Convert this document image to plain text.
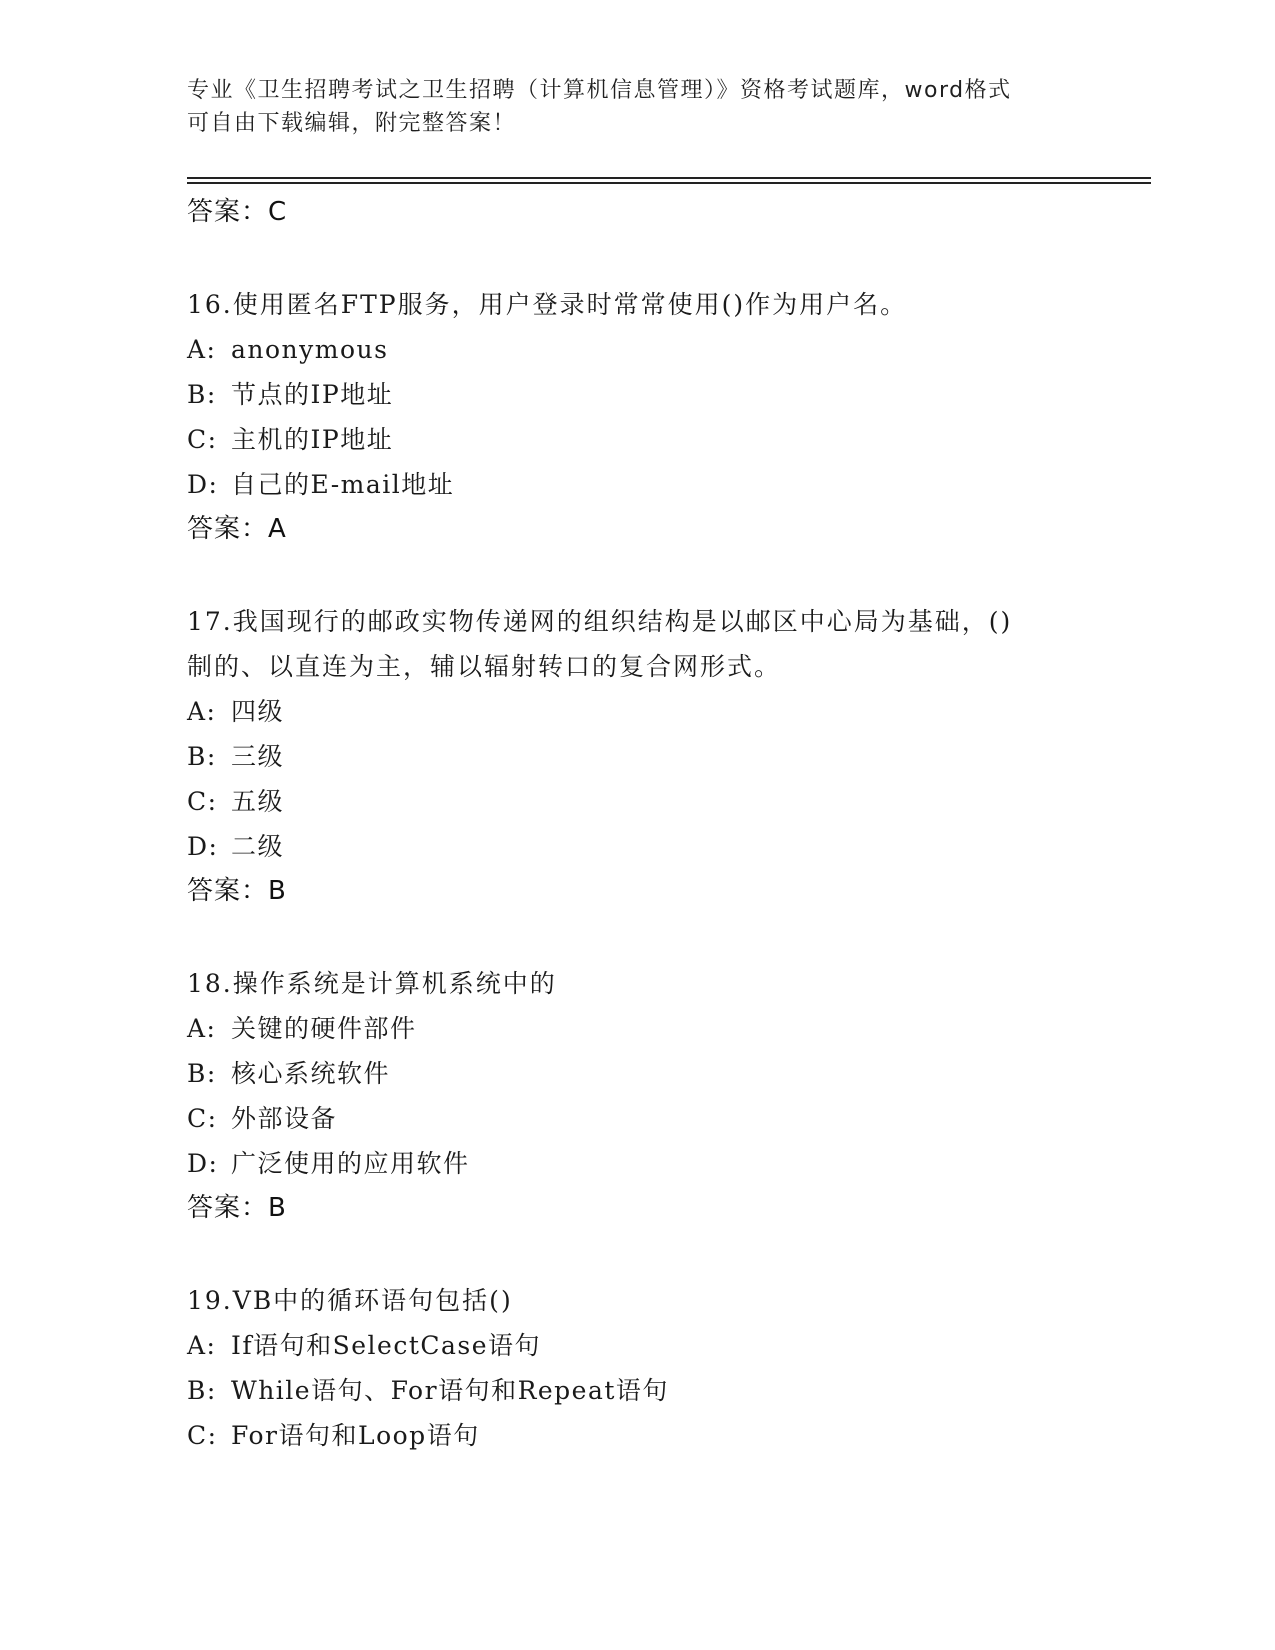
专业《卫生招聘考试之卫生招聘（计算机信息管理）》资格考试题库，word格式
可自由下载编辑，附完整答案！
答案：C
16.使用匿名FTP服务，用户登录时常常使用()作为用户名。
A: anonymous
B: 节点的IP地址
C: 主机的IP地址
D: 自己的E-mail地址
答案：A
17.我国现行的邮政实物传递网的组织结构是以邮区中心局为基础，()
制的、以直连为主，辅以辐射转口的复合网形式。
A: 四级
B: 三级
C: 五级
D: 二级
答案：B
18.操作系统是计算机系统中的
A: 关键的硬件部件
B: 核心系统软件
C: 外部设备
D: 广泛使用的应用软件
答案：B
19.VB中的循环语句包括()
A: If语句和SelectCase语句
B: While语句、For语句和Repeat语句
C: For语句和Loop语句
